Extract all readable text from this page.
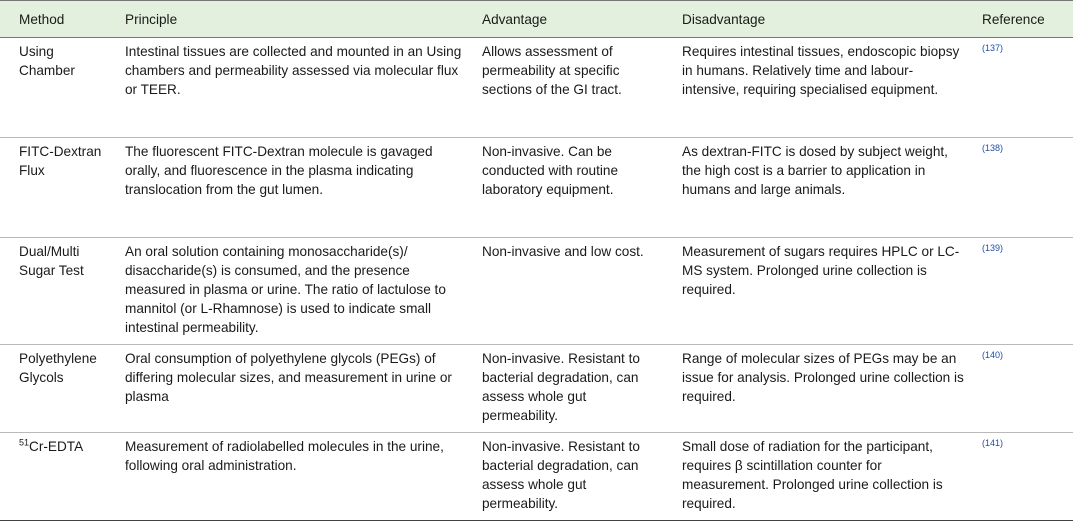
Method	Principle	Advantage	Disadvantage	Reference
Using Chamber	Intestinal tissues are collected and mounted in an Using chambers and permeability assessed via molecular flux or TEER.	Allows assessment of permeability at specific sections of the GI tract.	Requires intestinal tissues, endoscopic biopsy in humans. Relatively time and labour-intensive, requiring specialised equipment.	$^{(137)}$
FITC-Dextran Flux	The fluorescent FITC-Dextran molecule is gavaged orally, and fluorescence in the plasma indicating translocation from the gut lumen.	Non-invasive. Can be conducted with routine laboratory equipment.	As dextran-FITC is dosed by subject weight, the high cost is a barrier to application in humans and large animals.	$^{(138)}$
Dual/Multi Sugar Test	An oral solution containing monosaccharide(s)/ disaccharide(s) is consumed, and the presence measured in plasma or urine. The ratio of lactulose to mannitol (or L-Rhamnose) is used to indicate small intestinal permeability.	Non-invasive and low cost.	Measurement of sugars requires HPLC or LC-MS system. Prolonged urine collection is required.	$^{(139)}$
Polyethylene Glycols	Oral consumption of polyethylene glycols (PEGs) of differing molecular sizes, and measurement in urine or plasma	Non-invasive. Resistant to bacterial degradation, can assess whole gut permeability.	Range of molecular sizes of PEGs may be an issue for analysis. Prolonged urine collection is required.	$^{(140)}$
$^{51}$Cr-EDTA	Measurement of radiolabelled molecules in the urine, following oral administration.	Non-invasive. Resistant to bacterial degradation, can assess whole gut permeability.	Small dose of radiation for the participant, requires β scintillation counter for measurement. Prolonged urine collection is required.	$^{(141)}$
